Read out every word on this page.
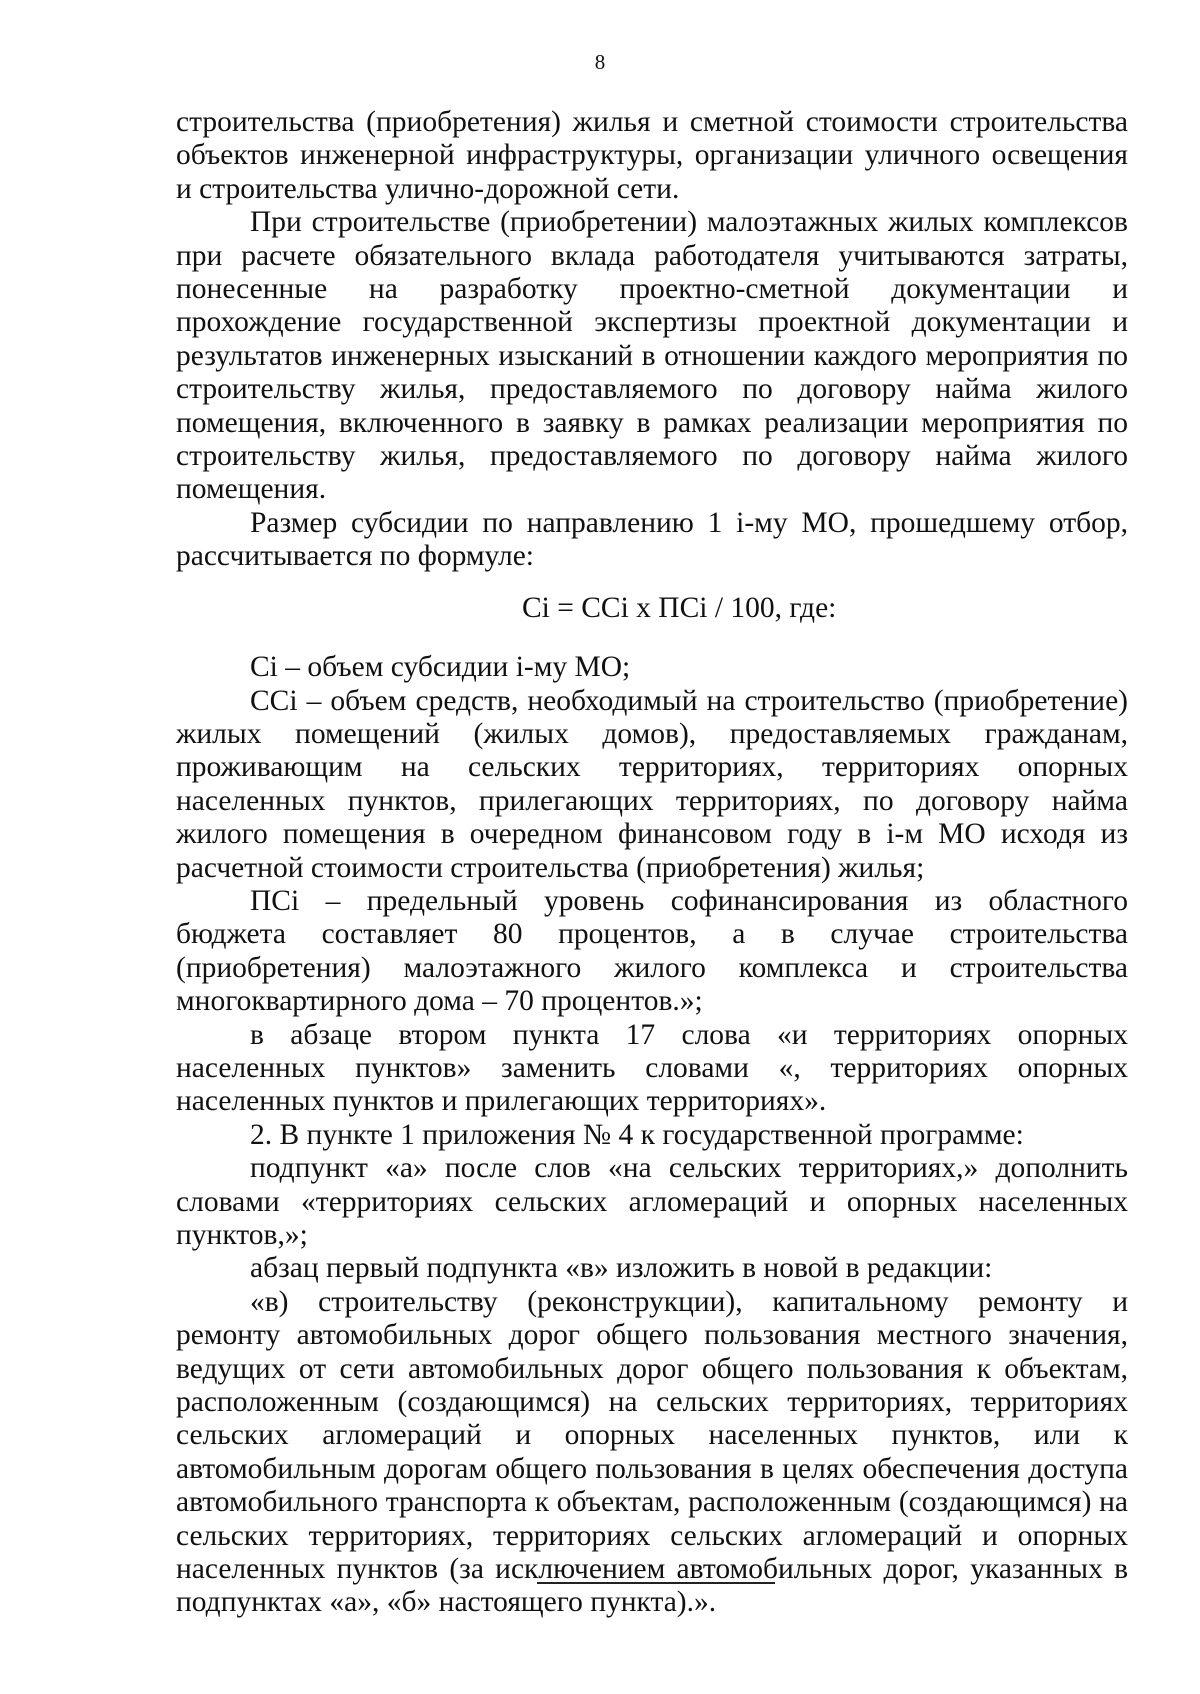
8

строительства (приобретения) жилья и сметной стоимости строительства объектов инженерной инфраструктуры, организации уличного освещения и строительства улично-дорожной сети.

При строительстве (приобретении) малоэтажных жилых комплексов при расчете обязательного вклада работодателя учитываются затраты, понесенные на разработку проектно-сметной документации и прохождение государственной экспертизы проектной документации и результатов инженерных изысканий в отношении каждого мероприятия по строительству жилья, предоставляемого по договору найма жилого помещения, включенного в заявку в рамках реализации мероприятия по строительству жилья, предоставляемого по договору найма жилого помещения.

Размер субсидии по направлению 1 i-му МО, прошедшему отбор, рассчитывается по формуле:

Ci = CCi x ПCi / 100, где:

Ci – объем субсидии i-му МО;

CCi – объем средств, необходимый на строительство (приобретение) жилых помещений (жилых домов), предоставляемых гражданам, проживающим на сельских территориях, территориях опорных населенных пунктов, прилегающих территориях, по договору найма жилого помещения в очередном финансовом году в i-м МО исходя из расчетной стоимости строительства (приобретения) жилья;

ПCi – предельный уровень софинансирования из областного бюджета составляет 80 процентов, а в случае строительства (приобретения) малоэтажного жилого комплекса и строительства многоквартирного дома – 70 процентов.»;

в абзаце втором пункта 17 слова «и территориях опорных населенных пунктов» заменить словами «, территориях опорных населенных пунктов и прилегающих территориях».

2. В пункте 1 приложения № 4 к государственной программе:

подпункт «а» после слов «на сельских территориях,» дополнить словами «территориях сельских агломераций и опорных населенных пунктов,»;

абзац первый подпункта «в» изложить в новой в редакции:

«в) строительству (реконструкции), капитальному ремонту и ремонту автомобильных дорог общего пользования местного значения, ведущих от сети автомобильных дорог общего пользования к объектам, расположенным (создающимся) на сельских территориях, территориях сельских агломераций и опорных населенных пунктов, или к автомобильным дорогам общего пользования в целях обеспечения доступа автомобильного транспорта к объектам, расположенным (создающимся) на сельских территориях, территориях сельских агломераций и опорных населенных пунктов (за исключением автомобильных дорог, указанных в подпунктах «а», «б» настоящего пункта).».
